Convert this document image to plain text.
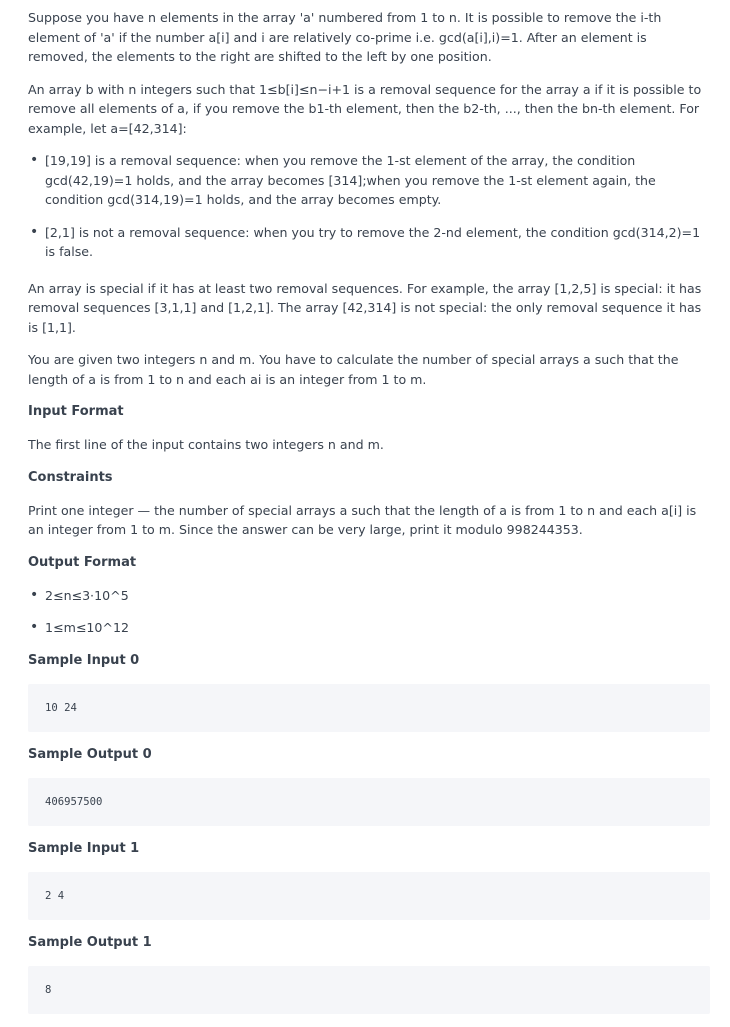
Suppose you have n elements in the array 'a' numbered from 1 to n. It is possible to remove the i-th element of 'a' if the number a[i] and i are relatively co-prime i.e. gcd(a[i],i)=1. After an element is removed, the elements to the right are shifted to the left by one position.

An array b with n integers such that 1≤b[i]≤n−i+1 is a removal sequence for the array a if it is possible to remove all elements of a, if you remove the b1-th element, then the b2-th, ..., then the bn-th element. For example, let a=[42,314]:

• [19,19] is a removal sequence: when you remove the 1-st element of the array, the condition gcd(42,19)=1 holds, and the array becomes [314];when you remove the 1-st element again, the condition gcd(314,19)=1 holds, and the array becomes empty.
• [2,1] is not a removal sequence: when you try to remove the 2-nd element, the condition gcd(314,2)=1 is false.

An array is special if it has at least two removal sequences. For example, the array [1,2,5] is special: it has removal sequences [3,1,1] and [1,2,1]. The array [42,314] is not special: the only removal sequence it has is [1,1].

You are given two integers n and m. You have to calculate the number of special arrays a such that the length of a is from 1 to n and each ai is an integer from 1 to m.

Input Format

The first line of the input contains two integers n and m.

Constraints

Print one integer — the number of special arrays a such that the length of a is from 1 to n and each a[i] is an integer from 1 to m. Since the answer can be very large, print it modulo 998244353.

Output Format
• 2≤n≤3⋅10^5
• 1≤m≤10^12
Sample Input 0
10 24
Sample Output 0
406957500
Sample Input 1
2 4
Sample Output 1
8
